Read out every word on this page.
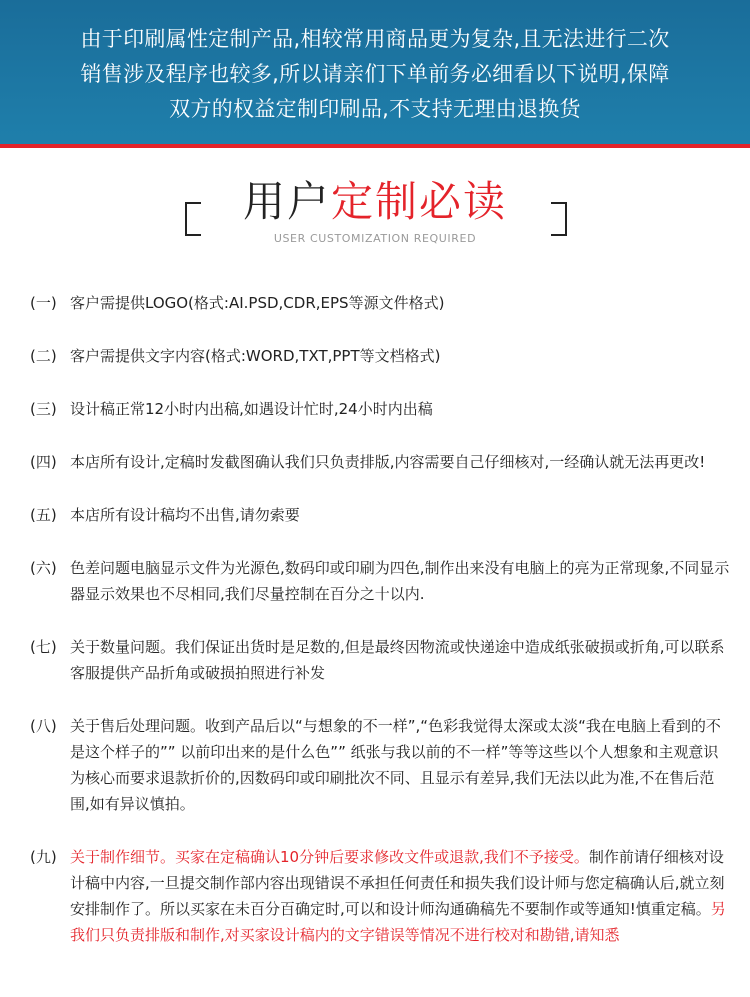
由于印刷属性定制产品,相较常用商品更为复杂,且无法进行二次
销售涉及程序也较多,所以请亲们下单前务必细看以下说明,保障
双方的权益定制印刷品,不支持无理由退换货
用户定制必读
USER CUSTOMIZATION REQUIRED
(一) 客户需提供LOGO(格式:AI.PSD,CDR,EPS等源文件格式)
(二) 客户需提供文字内容(格式:WORD,TXT,PPT等文档格式)
(三) 设计稿正常12小时内出稿,如遇设计忙时,24小时内出稿
(四) 本店所有设计,定稿时发截图确认我们只负责排版,内容需要自己仔细核对,一经确认就无法再更改!
(五) 本店所有设计稿均不出售,请勿索要
(六) 色差问题电脑显示文件为光源色,数码印或印刷为四色,制作出来没有电脑上的亮为正常现象,不同显示器显示效果也不尽相同,我们尽量控制在百分之十以内.
(七) 关于数量问题。我们保证出货时是足数的,但是最终因物流或快递途中造成纸张破损或折角,可以联系客服提供产品折角或破损拍照进行补发
(八) 关于售后处理问题。收到产品后以“与想象的不一样”,“色彩我觉得太深或太淡“我在电脑上看到的不是这个样子的”” 以前印出来的是什么色”” 纸张与我以前的不一样”等等这些以个人想象和主观意识为核心而要求退款折价的,因数码印或印刷批次不同、且显示有差异,我们无法以此为准,不在售后范围,如有异议慎拍。
(九) 关于制作细节。买家在定稿确认10分钟后要求修改文件或退款,我们不予接受。制作前请仔细核对设计稿中内容,一旦提交制作部内容出现错误不承担任何责任和损失我们设计师与您定稿确认后,就立刻安排制作了。所以买家在未百分百确定时,可以和设计师沟通确稿先不要制作或等通知!慎重定稿。另我们只负责排版和制作,对买家设计稿内的文字错误等情况不进行校对和勘错,请知悉
